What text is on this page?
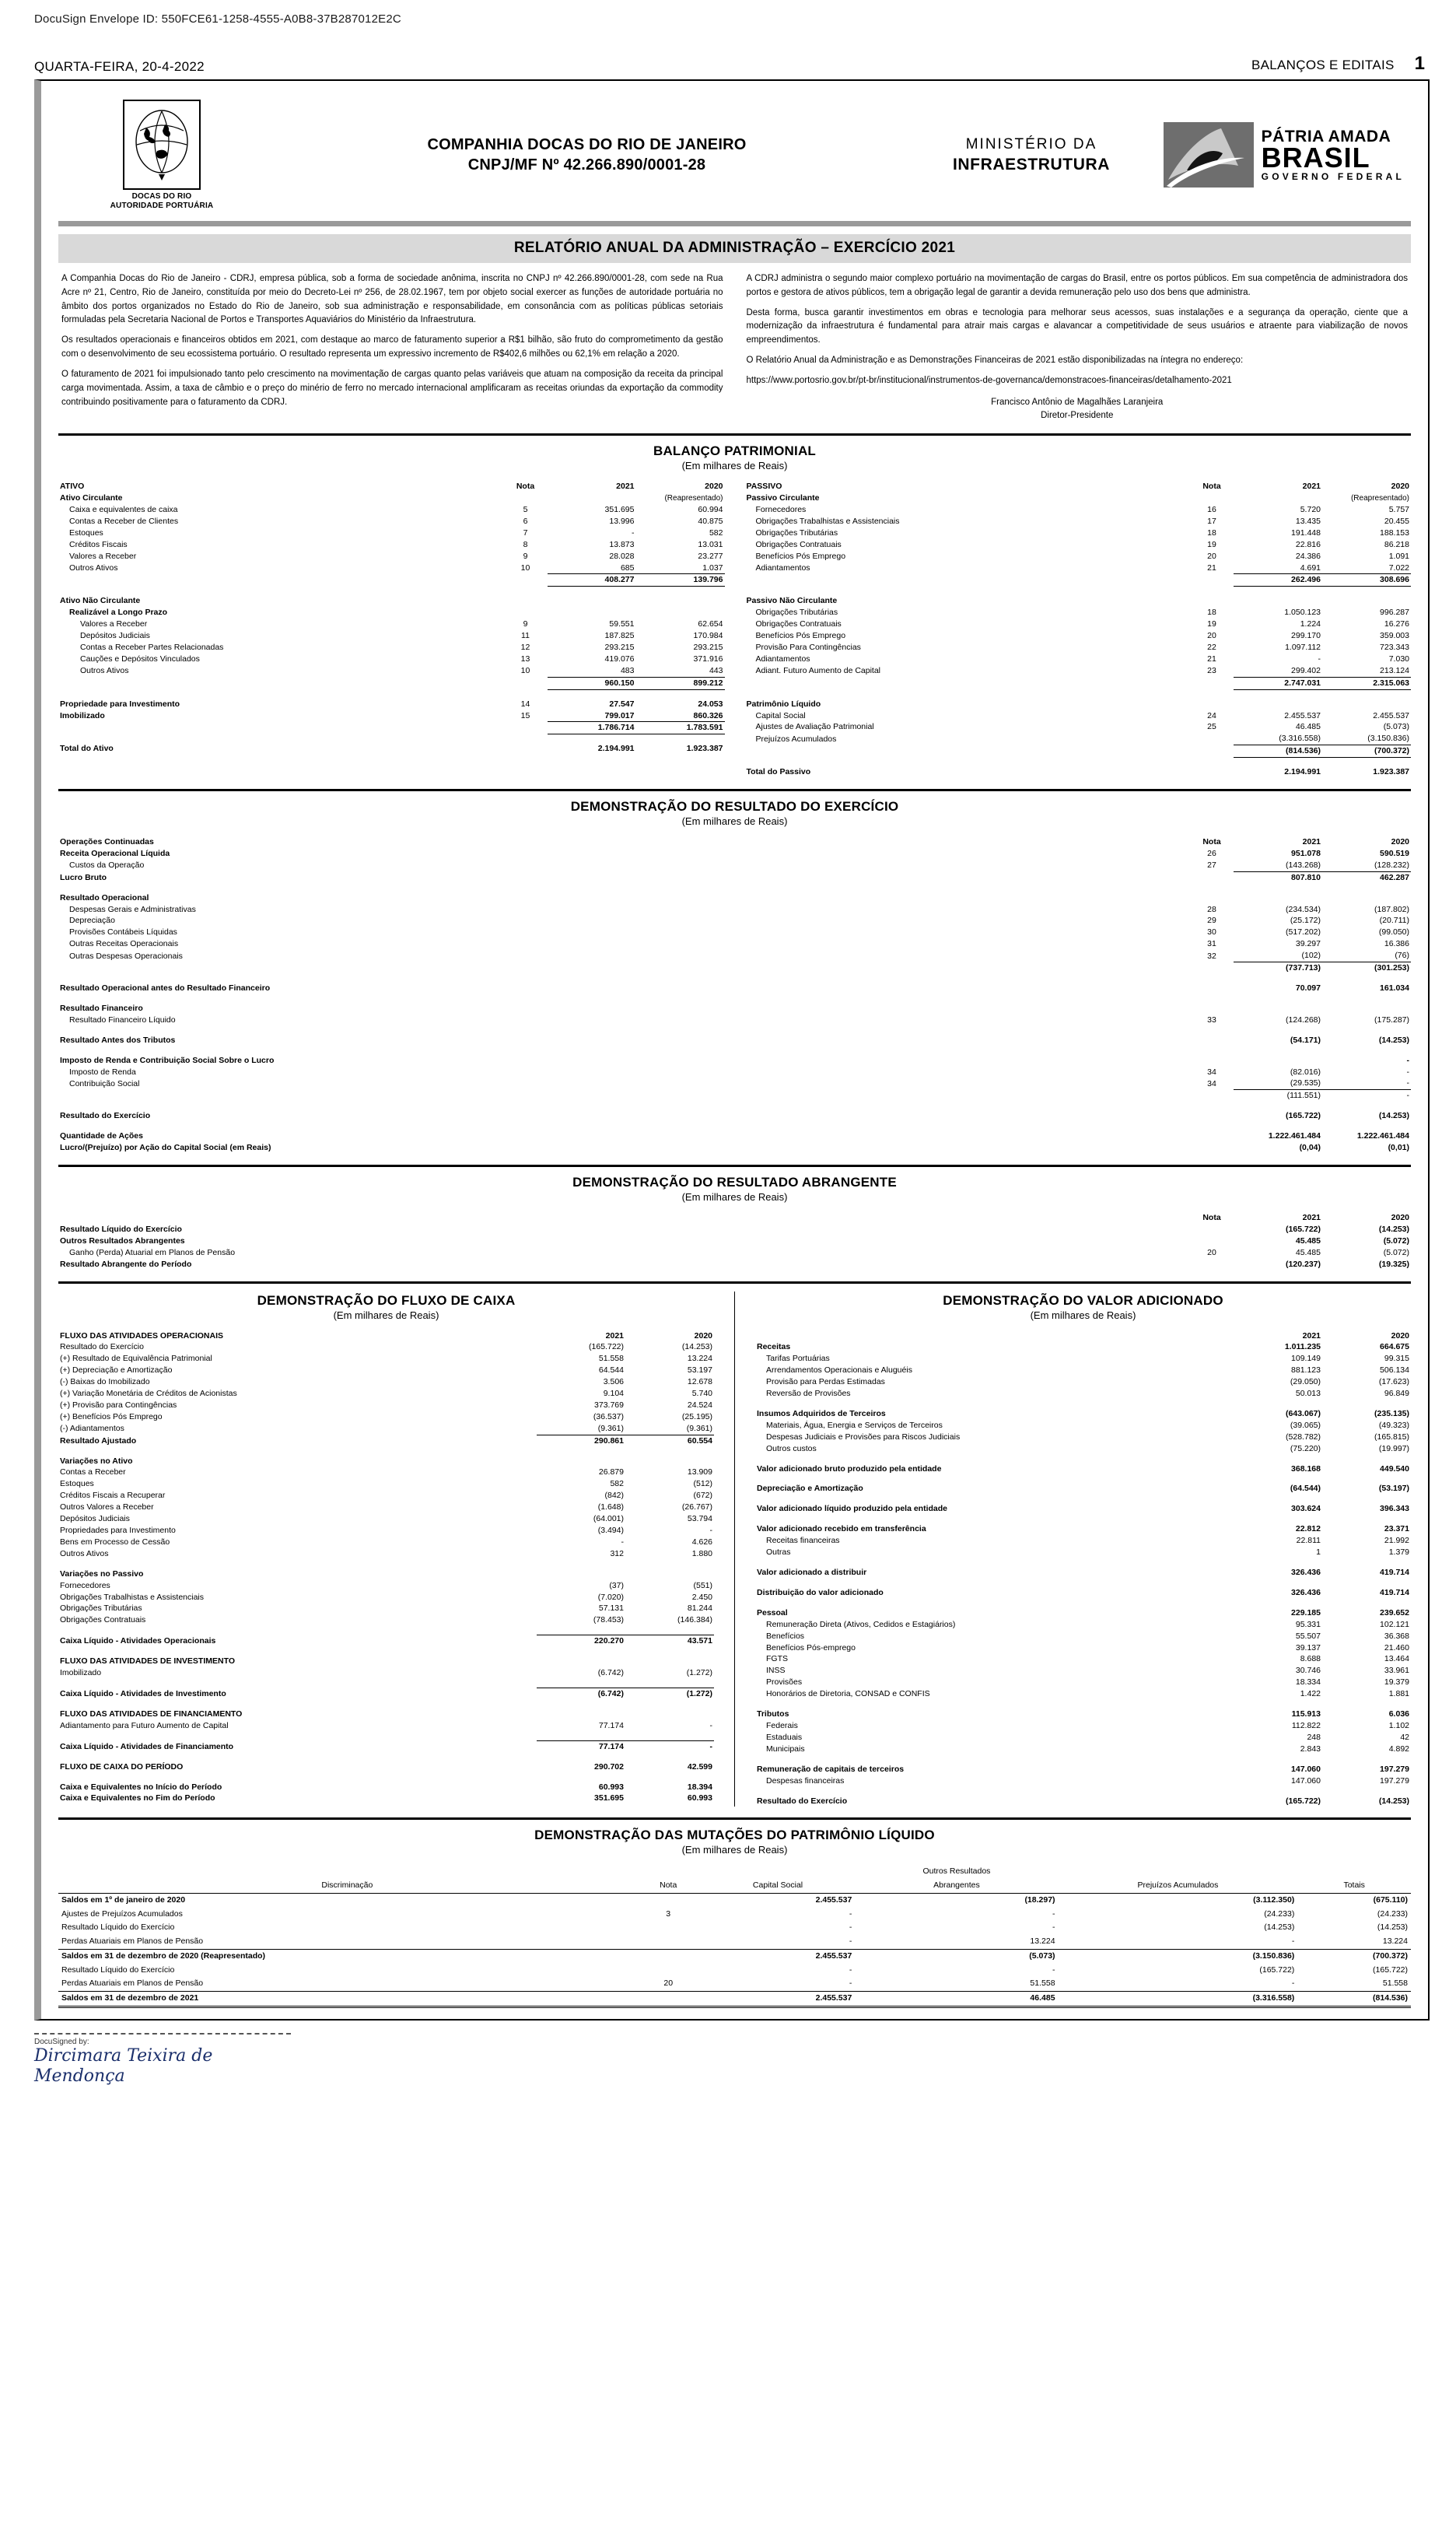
DocuSign Envelope ID: 550FCE61-1258-4555-A0B8-37B287012E2C
QUARTA-FEIRA, 20-4-2022	BALANÇOS E EDITAIS 1
DOCAS DO RIO
AUTORIDADE PORTUÁRIA
COMPANHIA DOCAS DO RIO DE JANEIRO
CNPJ/MF Nº 42.266.890/0001-28
MINISTÉRIO DA
INFRAESTRUTURA
PÁTRIA AMADA
BRASIL
GOVERNO FEDERAL
RELATÓRIO ANUAL DA ADMINISTRAÇÃO – EXERCÍCIO 2021

A Companhia Docas do Rio de Janeiro - CDRJ, empresa pública, sob a forma de sociedade anônima, inscrita no CNPJ nº 42.266.890/0001-28, com sede na Rua Acre nº 21, Centro, Rio de Janeiro, constituída por meio do Decreto-Lei nº 256, de 28.02.1967, tem por objeto social exercer as funções de autoridade portuária no âmbito dos portos organizados no Estado do Rio de Janeiro, sob sua administração e responsabilidade, em consonância com as políticas públicas setoriais formuladas pela Secretaria Nacional de Portos e Transportes Aquaviários do Ministério da Infraestrutura.

Os resultados operacionais e financeiros obtidos em 2021, com destaque ao marco de faturamento superior a R$1 bilhão, são fruto do comprometimento da gestão com o desenvolvimento de seu ecossistema portuário. O resultado representa um expressivo incremento de R$402,6 milhões ou 62,1% em relação a 2020.

O faturamento de 2021 foi impulsionado tanto pelo crescimento na movimentação de cargas quanto pelas variáveis que atuam na composição da receita da principal carga movimentada. Assim, a taxa de câmbio e o preço do minério de ferro no mercado internacional amplificaram as receitas oriundas da exportação da commodity contribuindo positivamente para o faturamento da CDRJ.

A CDRJ administra o segundo maior complexo portuário na movimentação de cargas do Brasil, entre os portos públicos. Em sua competência de administradora dos portos e gestora de ativos públicos, tem a obrigação legal de garantir a devida remuneração pelo uso dos bens que administra.

Desta forma, busca garantir investimentos em obras e tecnologia para melhorar seus acessos, suas instalações e a segurança da operação, ciente que a modernização da infraestrutura é fundamental para atrair mais cargas e alavancar a competitividade de seus usuários e atraente para viabilização de novos empreendimentos.

O Relatório Anual da Administração e as Demonstrações Financeiras de 2021 estão disponibilizadas na íntegra no endereço:

https://www.portosrio.gov.br/pt-br/institucional/instrumentos-de-governanca/demonstracoes-financeiras/detalhamento-2021

Francisco Antônio de Magalhães Laranjeira
Diretor-Presidente
BALANÇO PATRIMONIAL
(Em milhares de Reais)
ATIVO	Nota	2021	2020
Ativo Circulante			(Reapresentado)
Caixa e equivalentes de caixa	5	351.695	60.994
Contas a Receber de Clientes	6	13.996	40.875
Estoques	7	-	582
Créditos Fiscais	8	13.873	13.031
Valores a Receber	9	28.028	23.277
Outros Ativos	10	685	1.037
		408.277	139.796

Ativo Não Circulante			
Realizável a Longo Prazo			
Valores a Receber	9	59.551	62.654
Depósitos Judiciais	11	187.825	170.984
Contas a Receber Partes Relacionadas	12	293.215	293.215
Cauções e Depósitos Vinculados	13	419.076	371.916
Outros Ativos	10	483	443
		960.150	899.212

Propriedade para Investimento	14	27.547	24.053
Imobilizado	15	799.017	860.326
		1.786.714	1.783.591

Total do Ativo		2.194.991	1.923.387
PASSIVO	Nota	2021	2020
Passivo Circulante			(Reapresentado)
Fornecedores	16	5.720	5.757
Obrigações Trabalhistas e Assistenciais	17	13.435	20.455
Obrigações Tributárias	18	191.448	188.153
Obrigações Contratuais	19	22.816	86.218
Benefícios Pós Emprego	20	24.386	1.091
Adiantamentos	21	4.691	7.022
		262.496	308.696

Passivo Não Circulante			
Obrigações Tributárias	18	1.050.123	996.287
Obrigações Contratuais	19	1.224	16.276
Benefícios Pós Emprego	20	299.170	359.003
Provisão Para Contingências	22	1.097.112	723.343
Adiantamentos	21	-	7.030
Adiant. Futuro Aumento de Capital	23	299.402	213.124
		2.747.031	2.315.063

Patrimônio Líquido			
Capital Social	24	2.455.537	2.455.537
Ajustes de Avaliação Patrimonial	25	46.485	(5.073)
Prejuízos Acumulados		(3.316.558)	(3.150.836)
		(814.536)	(700.372)

Total do Passivo		2.194.991	1.923.387
DEMONSTRAÇÃO DO RESULTADO DO EXERCÍCIO
(Em milhares de Reais)
Operações Continuadas	Nota	2021	2020
Receita Operacional Líquida	26	951.078	590.519
Custos da Operação	27	(143.268)	(128.232)
Lucro Bruto		807.810	462.287

Resultado Operacional			
Despesas Gerais e Administrativas	28	(234.534)	(187.802)
Depreciação	29	(25.172)	(20.711)
Provisões Contábeis Líquidas	30	(517.202)	(99.050)
Outras Receitas Operacionais	31	39.297	16.386
Outras Despesas Operacionais	32	(102)	(76)
		(737.713)	(301.253)

Resultado Operacional antes do Resultado Financeiro		70.097	161.034

Resultado Financeiro			
Resultado Financeiro Líquido	33	(124.268)	(175.287)

Resultado Antes dos Tributos		(54.171)	(14.253)

Imposto de Renda e Contribuição Social Sobre o Lucro			-
Imposto de Renda	34	(82.016)	-
Contribuição Social	34	(29.535)	-
		(111.551)	-

Resultado do Exercício		(165.722)	(14.253)

Quantidade de Ações		1.222.461.484	1.222.461.484
Lucro/(Prejuízo) por Ação do Capital Social (em Reais)		(0,04)	(0,01)
DEMONSTRAÇÃO DO RESULTADO ABRANGENTE
(Em milhares de Reais)
	Nota	2021	2020
Resultado Líquido do Exercício		(165.722)	(14.253)
Outros Resultados Abrangentes		45.485	(5.072)
Ganho (Perda) Atuarial em Planos de Pensão	20	45.485	(5.072)
Resultado Abrangente do Período		(120.237)	(19.325)
DEMONSTRAÇÃO DO FLUXO DE CAIXA
(Em milhares de Reais)
FLUXO DAS ATIVIDADES OPERACIONAIS	2021	2020
Resultado do Exercício	(165.722)	(14.253)
(+) Resultado de Equivalência Patrimonial	51.558	13.224
(+) Depreciação e Amortização	64.544	53.197
(-) Baixas do Imobilizado	3.506	12.678
(+) Variação Monetária de Créditos de Acionistas	9.104	5.740
(+) Provisão para Contingências	373.769	24.524
(+) Benefícios Pós Emprego	(36.537)	(25.195)
(-) Adiantamentos	(9.361)	(9.361)
Resultado Ajustado	290.861	60.554

Variações no Ativo		
Contas a Receber	26.879	13.909
Estoques	582	(512)
Créditos Fiscais a Recuperar	(842)	(672)
Outros Valores a Receber	(1.648)	(26.767)
Depósitos Judiciais	(64.001)	53.794
Propriedades para Investimento	(3.494)	-
Bens em Processo de Cessão	-	4.626
Outros Ativos	312	1.880

Variações no Passivo		
Fornecedores	(37)	(551)
Obrigações Trabalhistas e Assistenciais	(7.020)	2.450
Obrigações Tributárias	57.131	81.244
Obrigações Contratuais	(78.453)	(146.384)

Caixa Líquido - Atividades Operacionais	220.270	43.571

FLUXO DAS ATIVIDADES DE INVESTIMENTO		
Imobilizado	(6.742)	(1.272)

Caixa Líquido - Atividades de Investimento	(6.742)	(1.272)

FLUXO DAS ATIVIDADES DE FINANCIAMENTO		
Adiantamento para Futuro Aumento de Capital	77.174	-

Caixa Líquido - Atividades de Financiamento	77.174	-

FLUXO DE CAIXA DO PERÍODO	290.702	42.599

Caixa e Equivalentes no Início do Período	60.993	18.394
Caixa e Equivalentes no Fim do Período	351.695	60.993
DEMONSTRAÇÃO DO VALOR ADICIONADO
(Em milhares de Reais)
	2021	2020
Receitas	1.011.235	664.675
Tarifas Portuárias	109.149	99.315
Arrendamentos Operacionais e Aluguéis	881.123	506.134
Provisão para Perdas Estimadas	(29.050)	(17.623)
Reversão de Provisões	50.013	96.849

Insumos Adquiridos de Terceiros	(643.067)	(235.135)
Materiais, Água, Energia e Serviços de Terceiros	(39.065)	(49.323)
Despesas Judiciais e Provisões para Riscos Judiciais	(528.782)	(165.815)
Outros custos	(75.220)	(19.997)

Valor adicionado bruto produzido pela entidade	368.168	449.540

Depreciação e Amortização	(64.544)	(53.197)

Valor adicionado líquido produzido pela entidade	303.624	396.343

Valor adicionado recebido em transferência	22.812	23.371
Receitas financeiras	22.811	21.992
Outras	1	1.379

Valor adicionado a distribuir	326.436	419.714

Distribuição do valor adicionado	326.436	419.714

Pessoal	229.185	239.652
Remuneração Direta (Ativos, Cedidos e Estagiários)	95.331	102.121
Benefícios	55.507	36.368
Benefícios Pós-emprego	39.137	21.460
FGTS	8.688	13.464
INSS	30.746	33.961
Provisões	18.334	19.379
Honorários de Diretoria, CONSAD e CONFIS	1.422	1.881

Tributos	115.913	6.036
Federais	112.822	1.102
Estaduais	248	42
Municipais	2.843	4.892

Remuneração de capitais de terceiros	147.060	197.279
Despesas financeiras	147.060	197.279

Resultado do Exercício	(165.722)	(14.253)
DEMONSTRAÇÃO DAS MUTAÇÕES DO PATRIMÔNIO LÍQUIDO
(Em milhares de Reais)
			Outros Resultados		
Discriminação	Nota	Capital Social	Abrangentes	Prejuízos Acumulados	Totais
Saldos em 1º de janeiro de 2020		2.455.537	(18.297)	(3.112.350)	(675.110)
Ajustes de Prejuízos Acumulados	3	-	-	(24.233)	(24.233)
Resultado Líquido do Exercício		-	-	(14.253)	(14.253)
Perdas Atuariais em Planos de Pensão		-	13.224	-	13.224
Saldos em 31 de dezembro de 2020 (Reapresentado)		2.455.537	(5.073)	(3.150.836)	(700.372)
Resultado Líquido do Exercício		-	-	(165.722)	(165.722)
Perdas Atuariais em Planos de Pensão	20	-	51.558	-	51.558
Saldos em 31 de dezembro de 2021		2.455.537	46.485	(3.316.558)	(814.536)
DocuSigned by:
Dircimara Teixira de Mendonça
